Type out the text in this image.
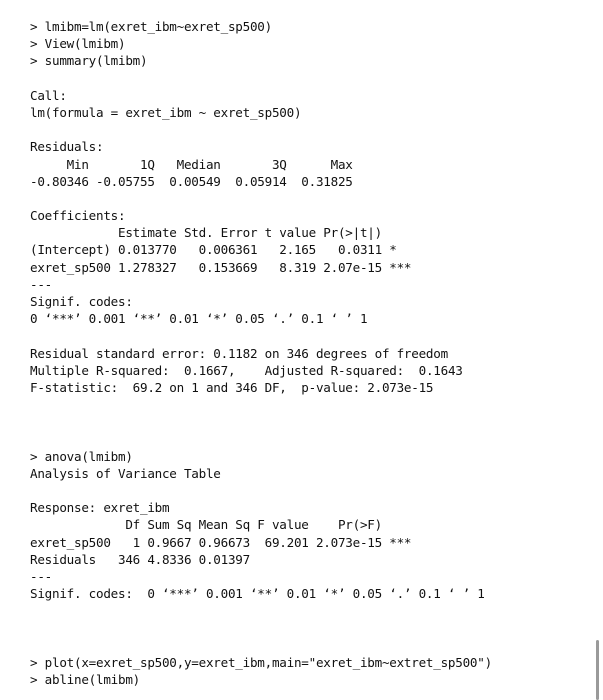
> lmibm=lm(exret_ibm~exret_sp500)
> View(lmibm)
> summary(lmibm)
Call:
lm(formula = exret_ibm ~ exret_sp500)
Residuals:
Min       1Q   Median       3Q      Max
-0.80346 -0.05755  0.00549  0.05914  0.31825
Coefficients:
Estimate Std. Error t value Pr(>|t|)
(Intercept) 0.013770   0.006361   2.165   0.0311 *
exret_sp500 1.278327   0.153669   8.319 2.07e-15 ***
---
Signif. codes:
0 ‘***’ 0.001 ‘**’ 0.01 ‘*’ 0.05 ‘.’ 0.1 ‘ ’ 1
Residual standard error: 0.1182 on 346 degrees of freedom
Multiple R-squared:  0.1667,	Adjusted R-squared:  0.1643
F-statistic:  69.2 on 1 and 346 DF,  p-value: 2.073e-15
> anova(lmibm)
Analysis of Variance Table
Response: exret_ibm
Df Sum Sq Mean Sq F value    Pr(>F)
exret_sp500   1 0.9667 0.96673  69.201 2.073e-15 ***
Residuals   346 4.8336 0.01397
---
Signif. codes:  0 ‘***’ 0.001 ‘**’ 0.01 ‘*’ 0.05 ‘.’ 0.1 ‘ ’ 1
> plot(x=exret_sp500,y=exret_ibm,main="exret_ibm~extret_sp500")
> abline(lmibm)
